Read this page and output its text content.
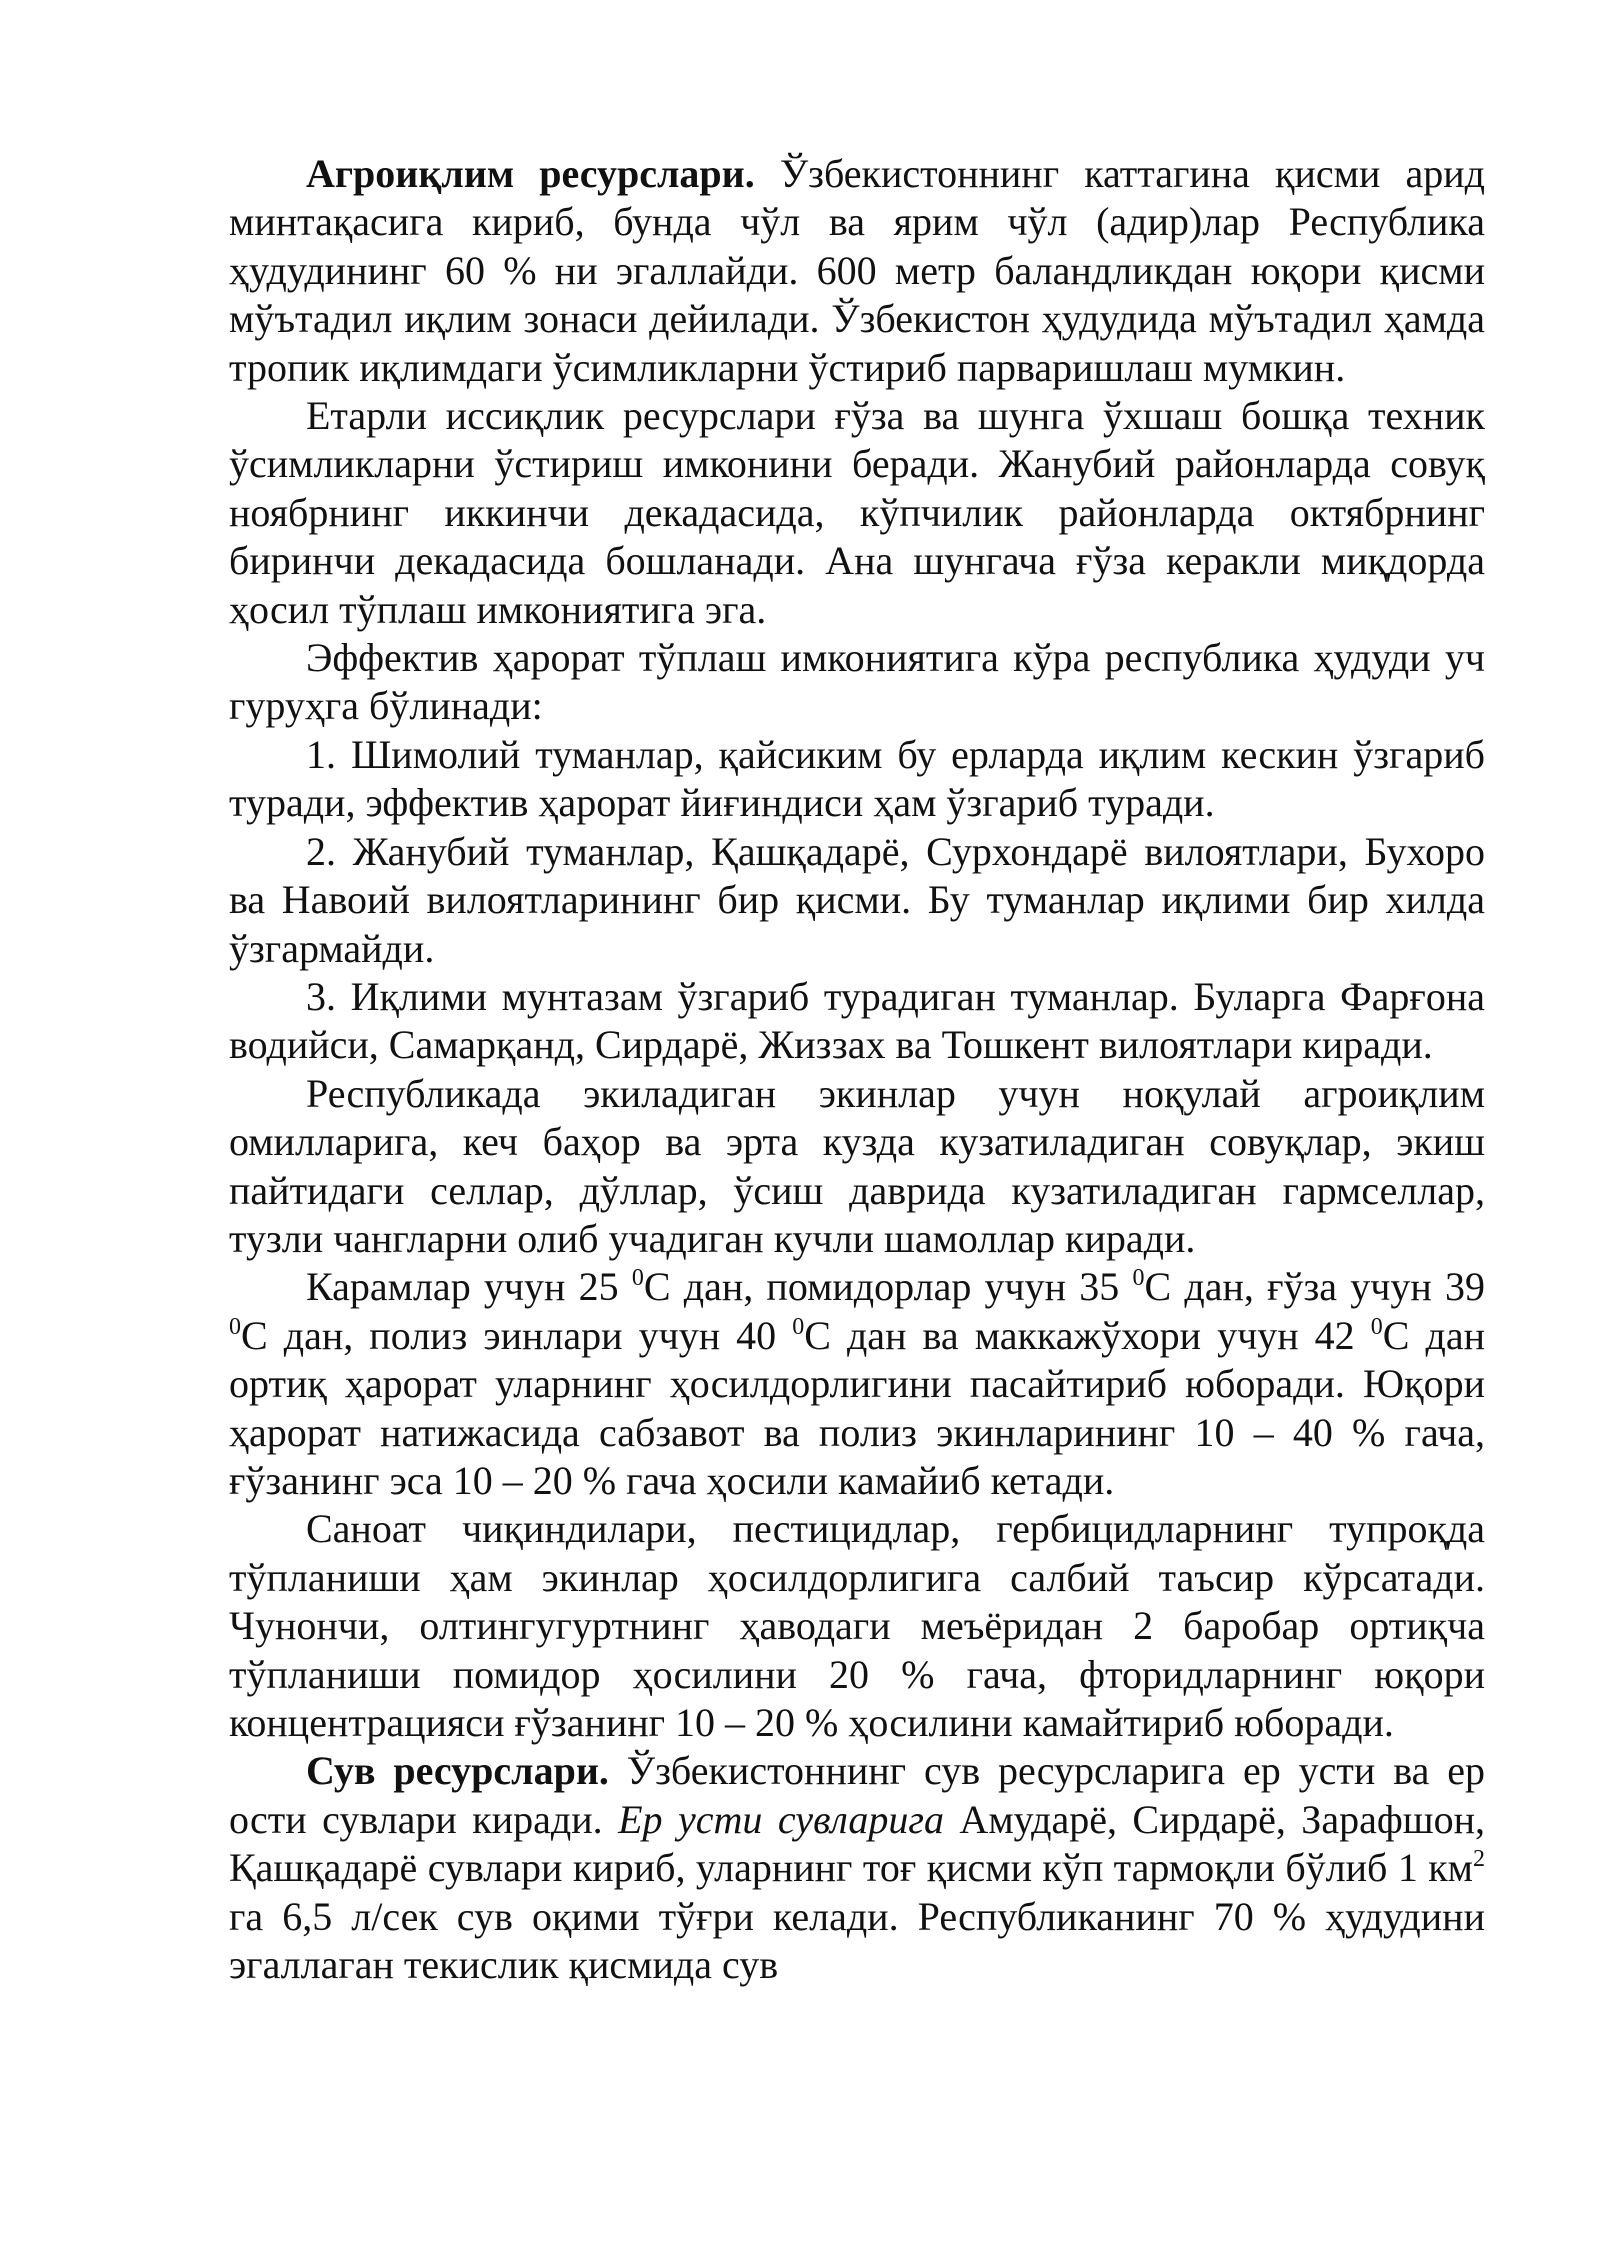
Агроиқлим ресурслари. Ўзбекистоннинг каттагина қисми арид минтақасига кириб, бунда чўл ва ярим чўл (адир)лар Республика ҳудудининг 60 % ни эгаллайди. 600 метр баландликдан юқори қисми мўътадил иқлим зонаси дейилади. Ўзбекистон ҳудудида мўътадил ҳамда тропик иқлимдаги ўсимликларни ўстириб парваришлаш мумкин.

Етарли иссиқлик ресурслари ғўза ва шунга ўхшаш бошқа техник ўсимликларни ўстириш имконини беради. Жанубий районларда совуқ ноябрнинг иккинчи декадасида, кўпчилик районларда октябрнинг биринчи декадасида бошланади. Ана шунгача ғўза керакли миқдорда ҳосил тўплаш имкониятига эга.

Эффектив ҳарорат тўплаш имкониятига кўра республика ҳудуди уч гуруҳга бўлинади:

1. Шимолий туманлар, қайсиким бу ерларда иқлим кескин ўзгариб туради, эффектив ҳарорат йиғиндиси ҳам ўзгариб туради.

2. Жанубий туманлар, Қашқадарё, Сурхондарё вилоятлари, Бухоро ва Навоий вилоятларининг бир қисми. Бу туманлар иқлими бир хилда ўзгармайди.

3. Иқлими мунтазам ўзгариб турадиган туманлар. Буларга Фарғона водийси, Самарқанд, Сирдарё, Жиззах ва Тошкент вилоятлари киради.

Республикада экиладиган экинлар учун ноқулай агроиқлим омилларига, кеч баҳор ва эрта кузда кузатиладиган совуқлар, экиш пайтидаги селлар, дўллар, ўсиш даврида кузатиладиган гармселлар, тузли чангларни олиб учадиган кучли шамоллар киради.

Карамлар учун 25 $^0$С дан, помидорлар учун 35 $^0$С дан, ғўза учун 39 $^0$С дан, полиз эинлари учун 40 $^0$С дан ва маккажўхори учун 42 $^0$С дан ортиқ ҳарорат уларнинг ҳосилдорлигини пасайтириб юборади. Юқори ҳарорат натижасида сабзавот ва полиз экинларининг 10 – 40 % гача, ғўзанинг эса 10 – 20 % гача ҳосили камайиб кетади.

Саноат чиқиндилари, пестицидлар, гербицидларнинг тупроқда тўпланиши ҳам экинлар ҳосилдорлигига салбий таъсир кўрсатади. Чунончи, олтингугуртнинг ҳаводаги меъёридан 2 баробар ортиқча тўпланиши помидор ҳосилини 20 % гача, фторидларнинг юқори концентрацияси ғўзанинг 10 – 20 % ҳосилини камайтириб юборади.

Сув ресурслари. Ўзбекистоннинг сув ресурсларига ер усти ва ер ости сувлари киради. Ер усти сувларига Амударё, Сирдарё, Зарафшон, Қашқадарё сувлари кириб, уларнинг тоғ қисми кўп тармоқли бўлиб 1 $км^2$ га 6,5 л/сек сув оқими тўғри келади. Республиканинг 70 % ҳудудини эгаллаган текислик қисмида сув
